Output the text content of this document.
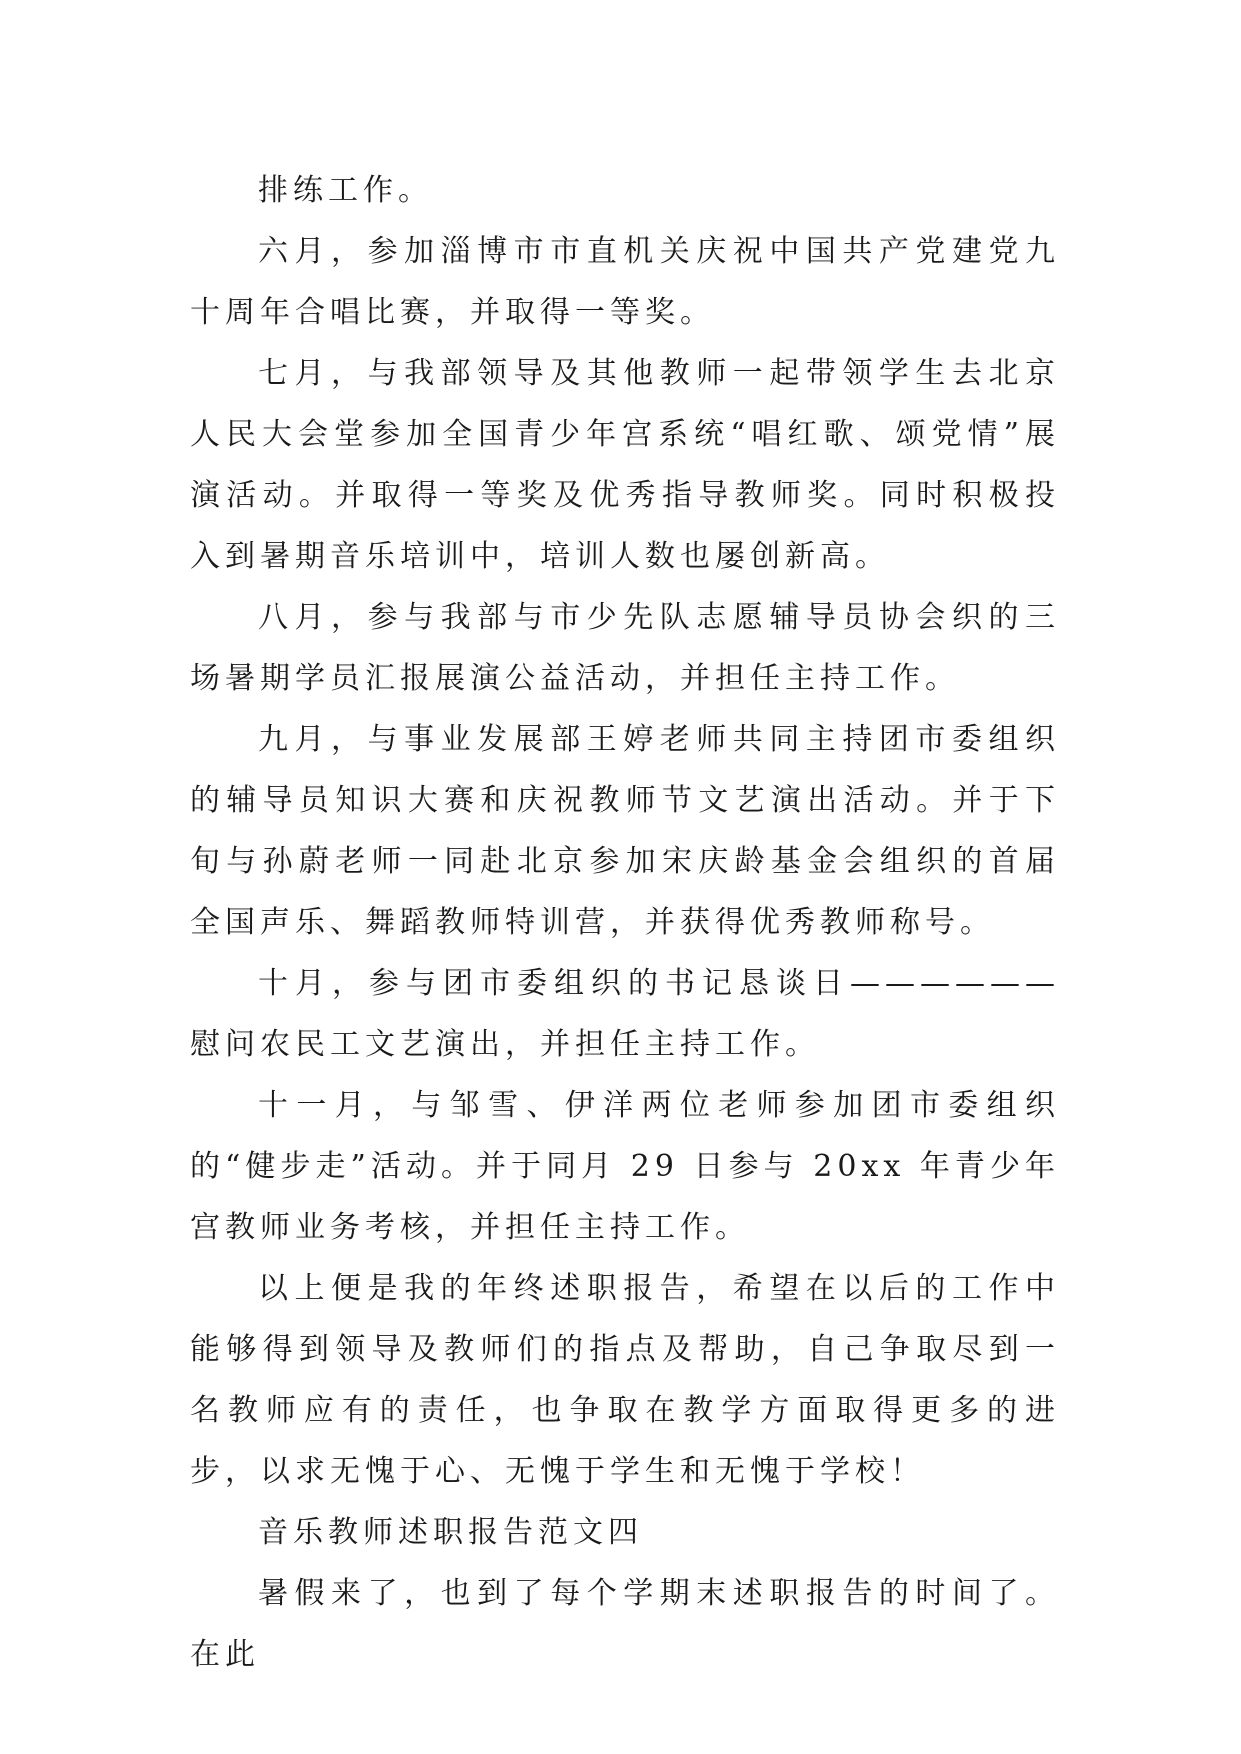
排练工作。

六月，参加淄博市市直机关庆祝中国共产党建党九十周年合唱比赛，并取得一等奖。

七月，与我部领导及其他教师一起带领学生去北京人民大会堂参加全国青少年宫系统“唱红歌、颂党情”展演活动。并取得一等奖及优秀指导教师奖。同时积极投入到暑期音乐培训中，培训人数也屡创新高。

八月，参与我部与市少先队志愿辅导员协会织的三场暑期学员汇报展演公益活动，并担任主持工作。

九月，与事业发展部王婷老师共同主持团市委组织的辅导员知识大赛和庆祝教师节文艺演出活动。并于下旬与孙蔚老师一同赴北京参加宋庆龄基金会组织的首届全国声乐、舞蹈教师特训营，并获得优秀教师称号。

十月，参与团市委组织的书记恳谈日——————慰问农民工文艺演出，并担任主持工作。

十一月，与邹雪、伊洋两位老师参加团市委组织的“健步走”活动。并于同月 29 日参与 20xx 年青少年宫教师业务考核，并担任主持工作。

以上便是我的年终述职报告，希望在以后的工作中能够得到领导及教师们的指点及帮助，自己争取尽到一名教师应有的责任，也争取在教学方面取得更多的进步，以求无愧于心、无愧于学生和无愧于学校！

音乐教师述职报告范文四

暑假来了，也到了每个学期末述职报告的时间了。在此
